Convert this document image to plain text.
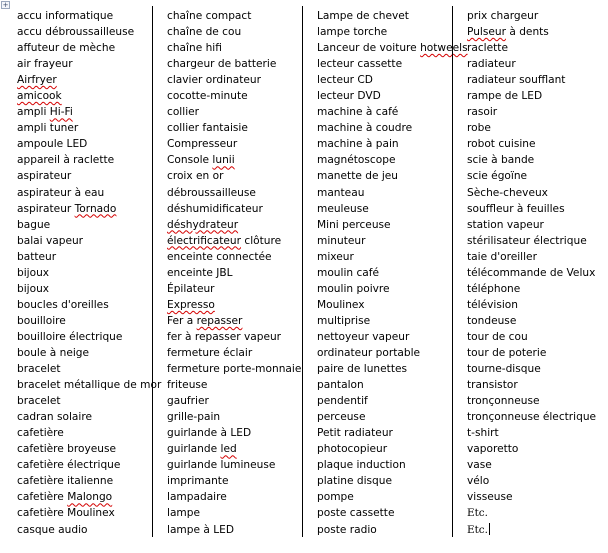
+
accu informatique
accu débroussailleuse
affuteur de mèche
air frayeur
Airfryer
amicook
ampli Hi-Fi
ampli tuner
ampoule LED
appareil à raclette
aspirateur
aspirateur à eau
aspirateur Tornado
bague
balai vapeur
batteur
bijoux
bijoux
boucles d'oreilles
bouilloire
bouilloire électrique
boule à neige
bracelet
bracelet métallique de mor
bracelet
cadran solaire
cafetière
cafetière broyeuse
cafetière électrique
cafetière italienne
cafetière Malongo
cafetière Moulinex
casque audio
chaîne compact
chaîne de cou
chaîne hifi
chargeur de batterie
clavier ordinateur
cocotte-minute
collier
collier fantaisie
Compresseur
Console lunii
croix en or
débroussailleuse
déshumidificateur
déshydrateur
électrificateur clôture
enceinte connectée
enceinte JBL
Épilateur
Expresso
Fer a repasser
fer à repasser vapeur
fermeture éclair
fermeture porte-monnaie
friteuse
gaufrier
grille-pain
guirlande à LED
guirlande led
guirlande lumineuse
imprimante
lampadaire
lampe
lampe à LED
Lampe de chevet
lampe torche
Lanceur de voiture hotweels
lecteur cassette
lecteur CD
lecteur DVD
machine à café
machine à coudre
machine à pain
magnétoscope
manette de jeu
manteau
meuleuse
Mini perceuse
minuteur
mixeur
moulin café
moulin poivre
Moulinex
multiprise
nettoyeur vapeur
ordinateur portable
paire de lunettes
pantalon
pendentif
perceuse
Petit radiateur
photocopieur
plaque induction
platine disque
pompe
poste cassette
poste radio
prix chargeur
Pulseur à dents
raclette
radiateur
radiateur soufflant
rampe de LED
rasoir
robe
robot cuisine
scie à bande
scie égoïne
Sèche-cheveux
souffleur à feuilles
station vapeur
stérilisateur électrique
taie d'oreiller
télécommande de Velux
téléphone
télévision
tondeuse
tour de cou
tour de poterie
tourne-disque
transistor
tronçonneuse
tronçonneuse électrique
t-shirt
vaporetto
vase
vélo
visseuse
Etc.
Etc.
